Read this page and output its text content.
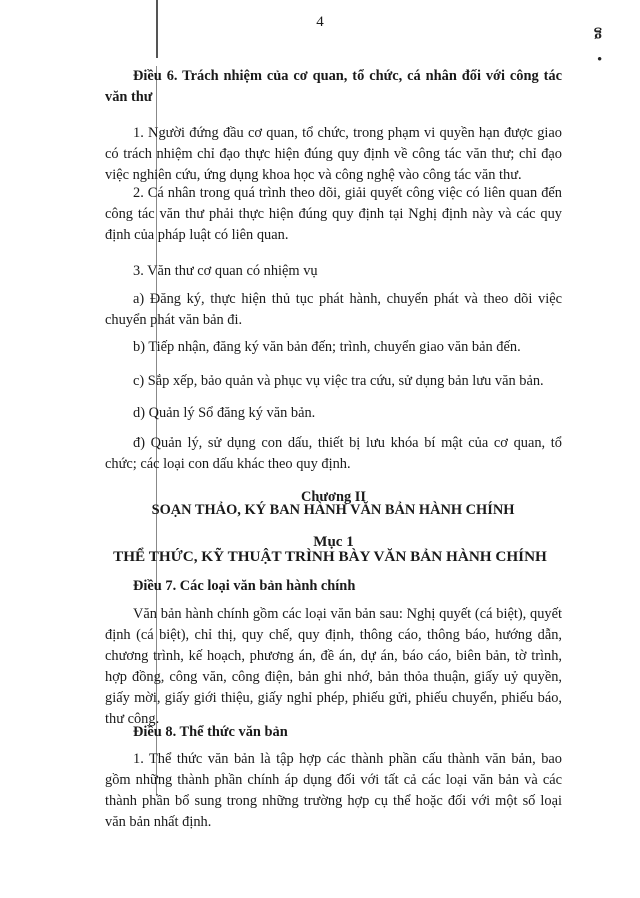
ᵷ
•
4

Điều 6. Trách nhiệm của cơ quan, tổ chức, cá nhân đối với công tác văn thư

1. Người đứng đầu cơ quan, tổ chức, trong phạm vi quyền hạn được giao có trách nhiệm chỉ đạo thực hiện đúng quy định về công tác văn thư; chỉ đạo việc nghiên cứu, ứng dụng khoa học và công nghệ vào công tác văn thư.

2. Cá nhân trong quá trình theo dõi, giải quyết công việc có liên quan đến công tác văn thư phải thực hiện đúng quy định tại Nghị định này và các quy định của pháp luật có liên quan.

3. Văn thư cơ quan có nhiệm vụ

a) Đăng ký, thực hiện thủ tục phát hành, chuyển phát và theo dõi việc chuyển phát văn bản đi.

b) Tiếp nhận, đăng ký văn bản đến; trình, chuyển giao văn bản đến.

c) Sắp xếp, bảo quản và phục vụ việc tra cứu, sử dụng bản lưu văn bản.

d) Quản lý Sổ đăng ký văn bản.

đ) Quản lý, sử dụng con dấu, thiết bị lưu khóa bí mật của cơ quan, tổ chức; các loại con dấu khác theo quy định.

Chương II

SOẠN THẢO, KÝ BAN HÀNH VĂN BẢN HÀNH CHÍNH

Mục 1

THỂ THỨC, KỸ THUẬT TRÌNH BÀY VĂN BẢN HÀNH CHÍNH

Điều 7. Các loại văn bản hành chính

Văn bản hành chính gồm các loại văn bản sau: Nghị quyết (cá biệt), quyết định (cá biệt), chỉ thị, quy chế, quy định, thông cáo, thông báo, hướng dẫn, chương trình, kế hoạch, phương án, đề án, dự án, báo cáo, biên bản, tờ trình, hợp đồng, công văn, công điện, bản ghi nhớ, bản thỏa thuận, giấy uỷ quyền, giấy mời, giấy giới thiệu, giấy nghỉ phép, phiếu gửi, phiếu chuyển, phiếu báo, thư công.

Điều 8. Thể thức văn bản

1. Thể thức văn bản là tập hợp các thành phần cấu thành văn bản, bao gồm những thành phần chính áp dụng đối với tất cả các loại văn bản và các thành phần bổ sung trong những trường hợp cụ thể hoặc đối với một số loại văn bản nhất định.
